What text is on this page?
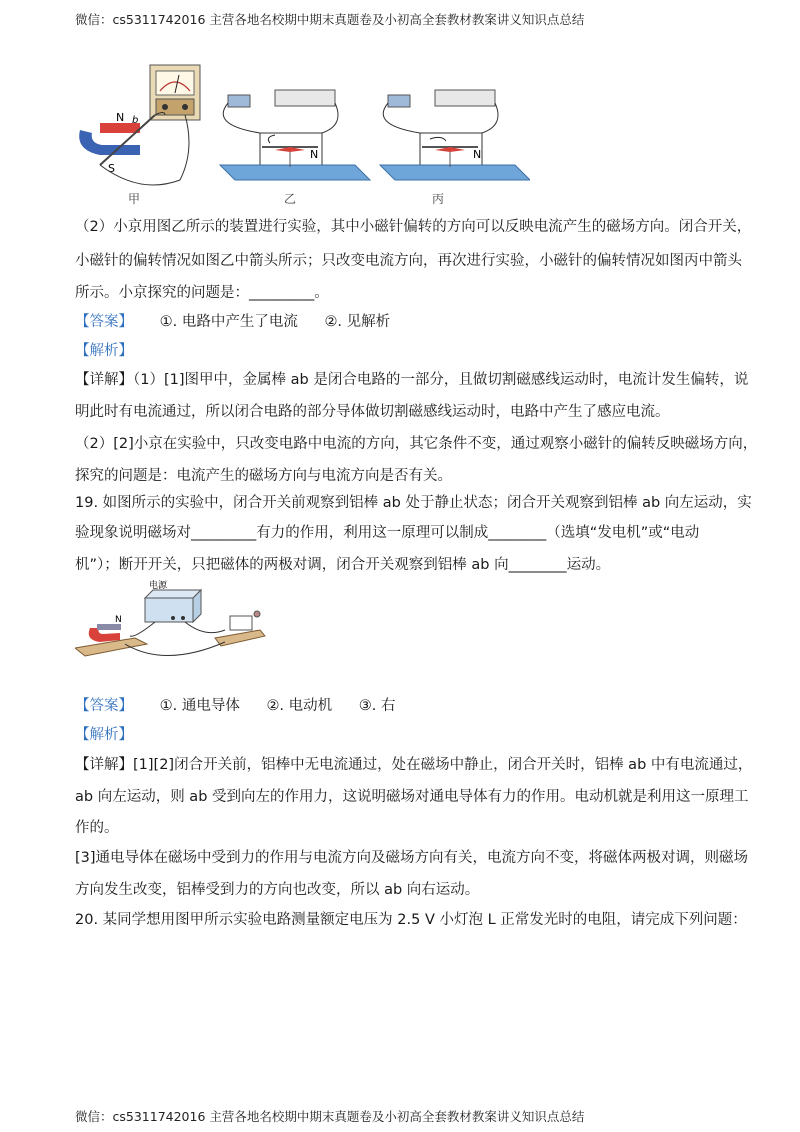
微信：cs5311742016 主营各地名校期中期末真题卷及小初高全套教材教案讲义知识点总结
N
S
b
N	N
甲	乙	丙
（2）小京用图乙所示的装置进行实验，其中小磁针偏转的方向可以反映电流产生的磁场方向。闭合开关，
小磁针的偏转情况如图乙中箭头所示；只改变电流方向，再次进行实验，小磁针的偏转情况如图丙中箭头
所示。小京探究的问题是：_________。
【答案】 ①. 电路中产生了电流 ②. 见解析
【解析】
【详解】（1）[1]图甲中，金属棒 ab 是闭合电路的一部分，且做切割磁感线运动时，电流计发生偏转，说
明此时有电流通过，所以闭合电路的部分导体做切割磁感线运动时，电路中产生了感应电流。
（2）[2]小京在实验中，只改变电路中电流的方向，其它条件不变，通过观察小磁针的偏转反映磁场方向，
探究的问题是：电流产生的磁场方向与电流方向是否有关。
19. 如图所示的实验中，闭合开关前观察到铝棒 ab 处于静止状态；闭合开关观察到铝棒 ab 向左运动，实
验现象说明磁场对_________有力的作用，利用这一原理可以制成________（选填“发电机”或“电动
机”）；断开开关，只把磁体的两极对调，闭合开关观察到铝棒 ab 向________运动。
电源
N
【答案】 ①. 通电导体 ②. 电动机 ③. 右
【解析】
【详解】[1][2]闭合开关前，铝棒中无电流通过，处在磁场中静止，闭合开关时，铝棒 ab 中有电流通过，
ab 向左运动，则 ab 受到向左的作用力，这说明磁场对通电导体有力的作用。电动机就是利用这一原理工
作的。
[3]通电导体在磁场中受到力的作用与电流方向及磁场方向有关，电流方向不变，将磁体两极对调，则磁场
方向发生改变，铝棒受到力的方向也改变，所以 ab 向右运动。
20. 某同学想用图甲所示实验电路测量额定电压为 2.5 V 小灯泡 L 正常发光时的电阻，请完成下列问题：
微信：cs5311742016 主营各地名校期中期末真题卷及小初高全套教材教案讲义知识点总结
